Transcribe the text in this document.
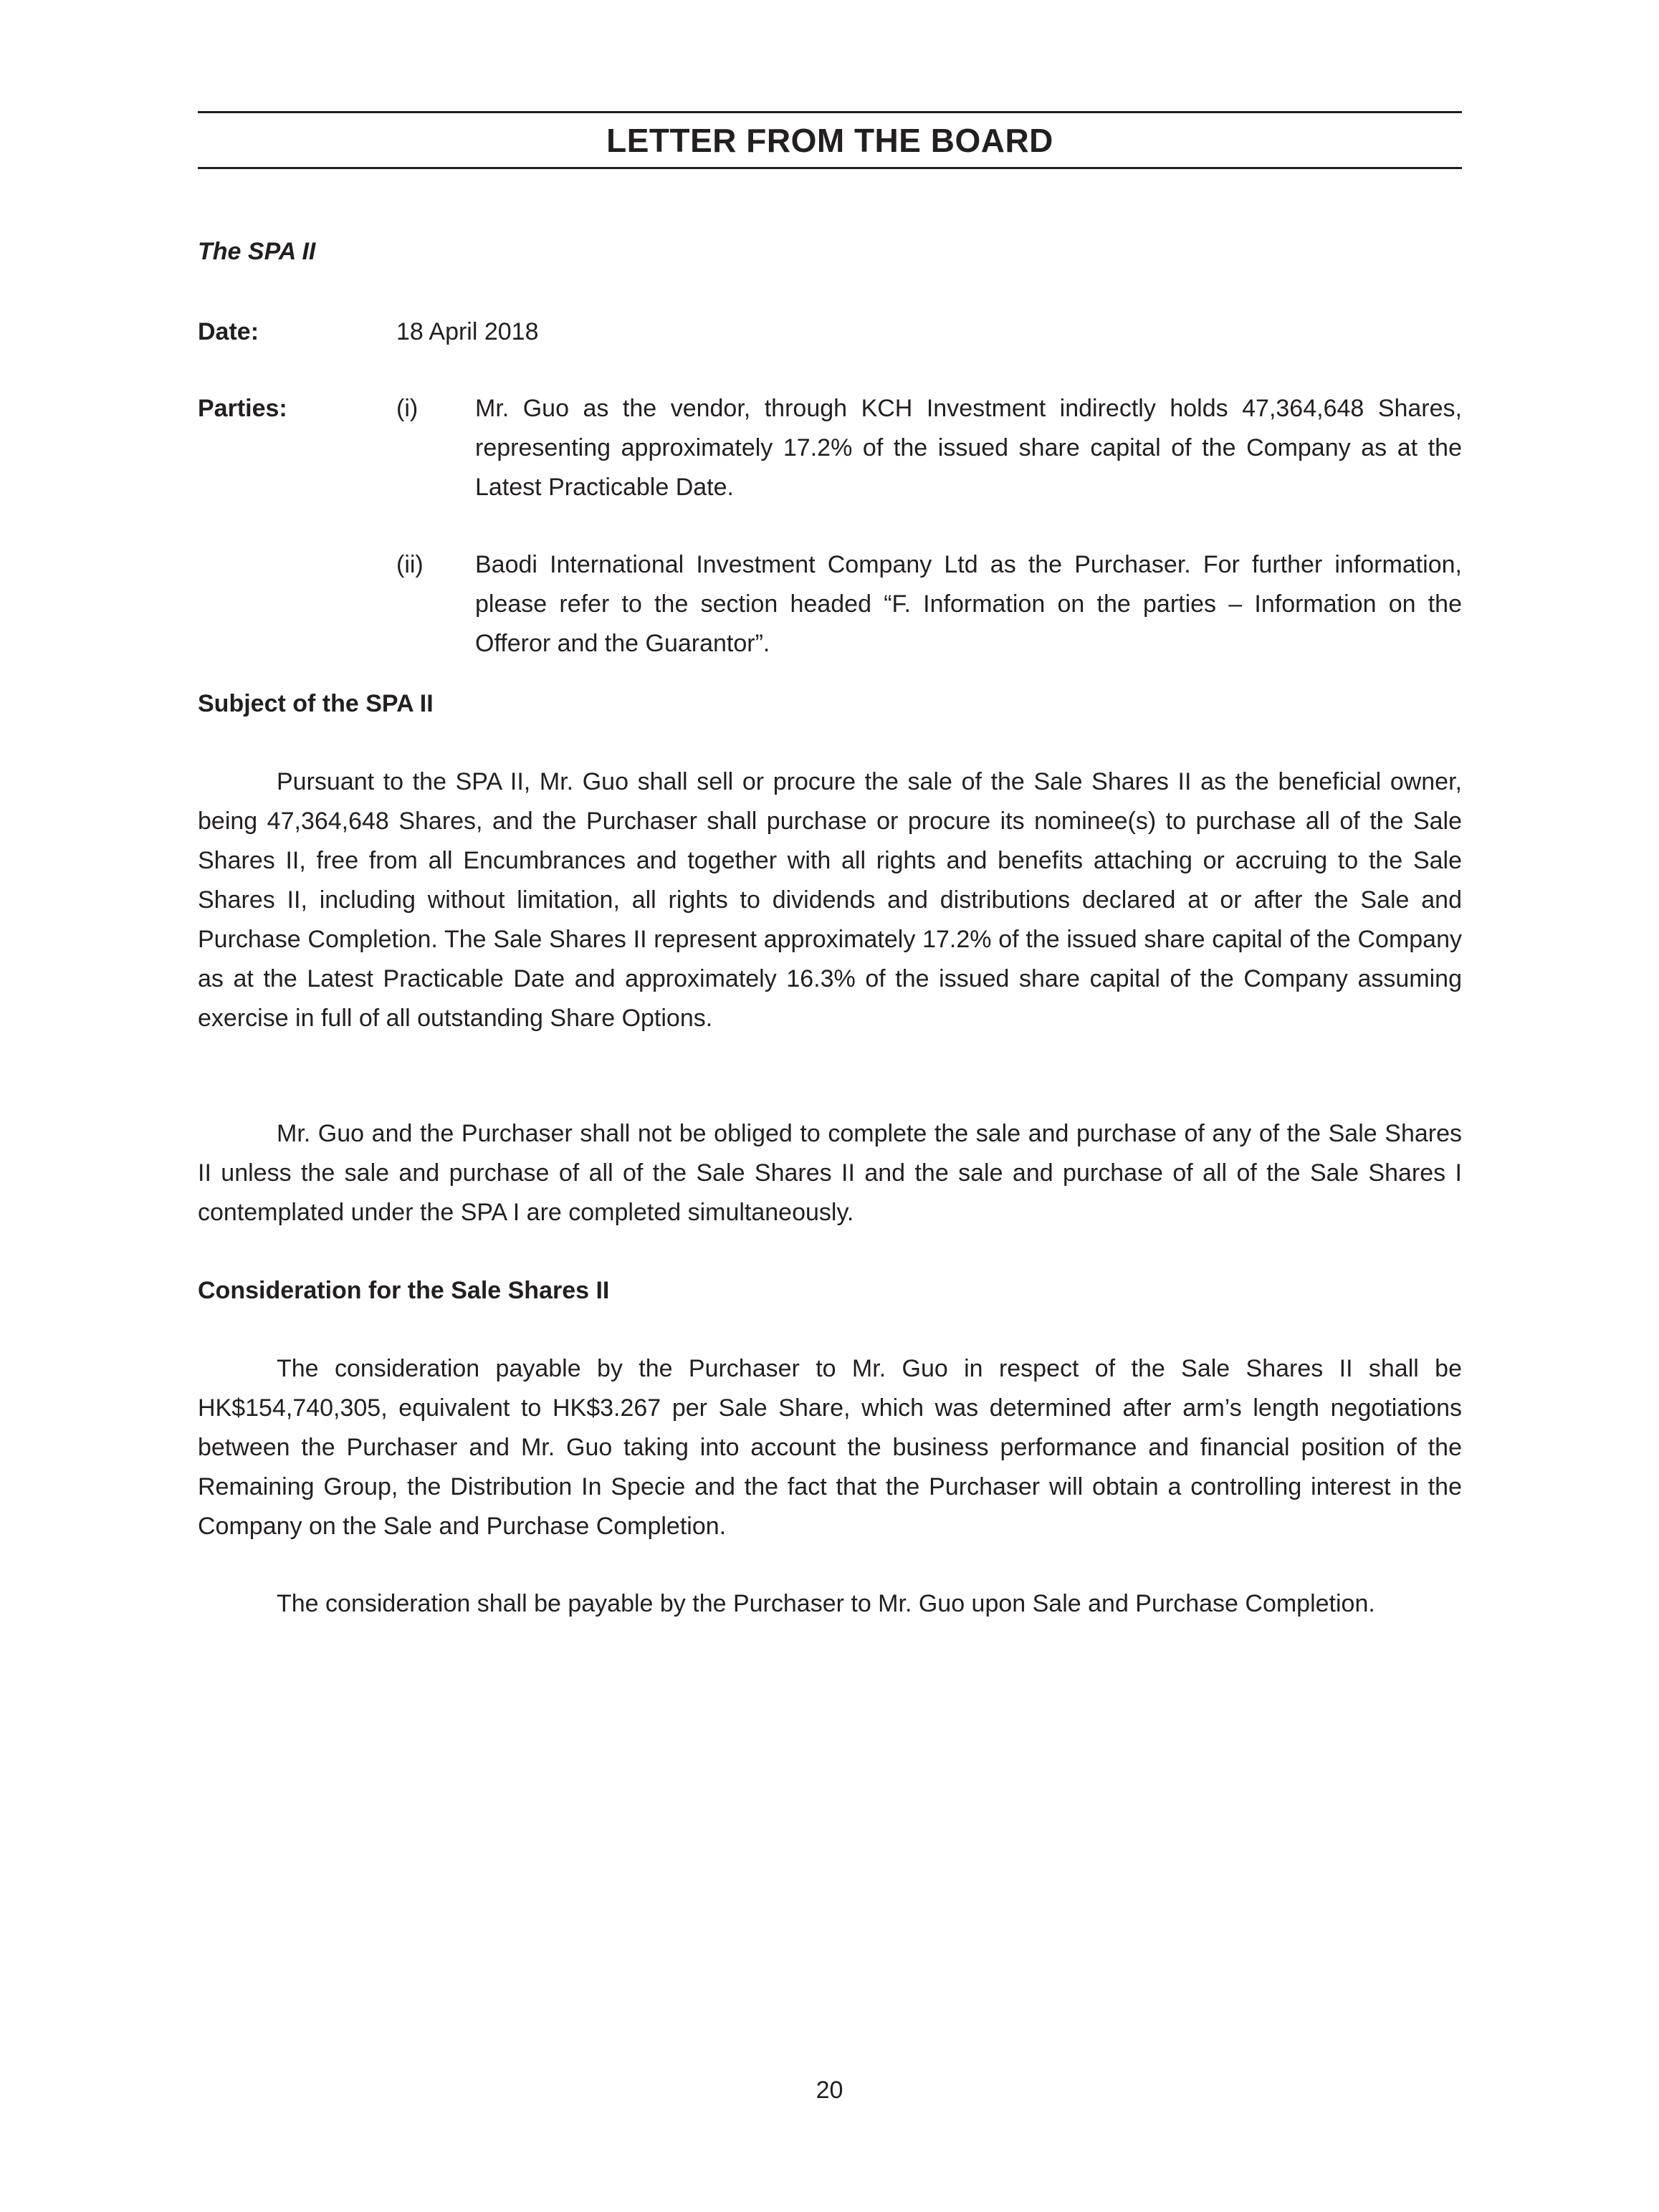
LETTER FROM THE BOARD
The SPA II
Date:	18 April 2018
Parties:	(i) Mr. Guo as the vendor, through KCH Investment indirectly holds 47,364,648 Shares, representing approximately 17.2% of the issued share capital of the Company as at the Latest Practicable Date.
(ii) Baodi International Investment Company Ltd as the Purchaser. For further information, please refer to the section headed “F. Information on the parties – Information on the Offeror and the Guarantor”.
Subject of the SPA II
Pursuant to the SPA II, Mr. Guo shall sell or procure the sale of the Sale Shares II as the beneficial owner, being 47,364,648 Shares, and the Purchaser shall purchase or procure its nominee(s) to purchase all of the Sale Shares II, free from all Encumbrances and together with all rights and benefits attaching or accruing to the Sale Shares II, including without limitation, all rights to dividends and distributions declared at or after the Sale and Purchase Completion. The Sale Shares II represent approximately 17.2% of the issued share capital of the Company as at the Latest Practicable Date and approximately 16.3% of the issued share capital of the Company assuming exercise in full of all outstanding Share Options.
Mr. Guo and the Purchaser shall not be obliged to complete the sale and purchase of any of the Sale Shares II unless the sale and purchase of all of the Sale Shares II and the sale and purchase of all of the Sale Shares I contemplated under the SPA I are completed simultaneously.
Consideration for the Sale Shares II
The consideration payable by the Purchaser to Mr. Guo in respect of the Sale Shares II shall be HK$154,740,305, equivalent to HK$3.267 per Sale Share, which was determined after arm’s length negotiations between the Purchaser and Mr. Guo taking into account the business performance and financial position of the Remaining Group, the Distribution In Specie and the fact that the Purchaser will obtain a controlling interest in the Company on the Sale and Purchase Completion.
The consideration shall be payable by the Purchaser to Mr. Guo upon Sale and Purchase Completion.
20
